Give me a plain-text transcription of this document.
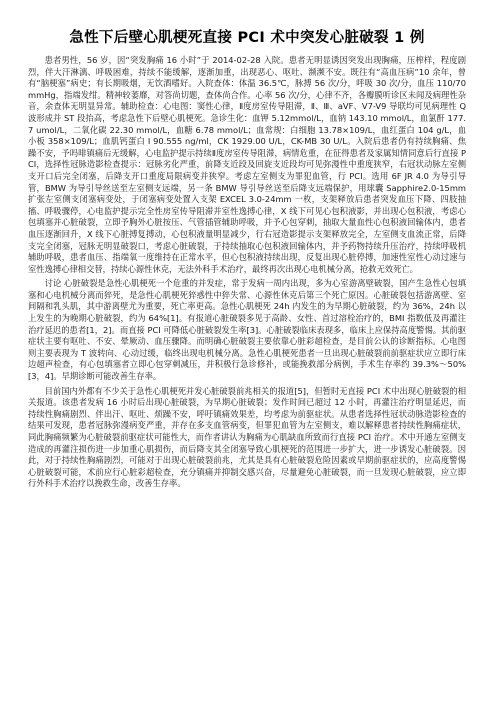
急性下后壁心肌梗死直接 PCI 术中突发心脏破裂 1 例

患者男性，56 岁，因“突发胸痛 16 小时”于 2014-02-28 入院。患者无明显诱因突发出现胸痛，压榨样，程度剧烈，伴大汗淋漓、呼吸困难，持续不能缓解，逐渐加重，出现恶心、呕吐、濒濒不安。既往有“高血压病”10 余年，曾有“脑梗塞”病史；有长期吸烟，无饮酒嗜好。入院查体：体温 36.5℃，脉搏 56 次/分，呼吸 30 次/分，血压 110/70mmHg，指端发绀。精神较萎靡，对答尚切题，查体尚合作。心率 56 次/分，心律不齐，各瓣膜听诊区未闻及病理性杂音，余查体无明显异常。辅助检查：心电图：窦性心律，Ⅱ度房室传导阻滞，Ⅱ、Ⅲ、aVF、V7-V9 导联均可见病理性 Q 波形成并 ST 段抬高，考虑急性下后壁心肌梗死。急诊生化：血钾 5.12mmol/L，血钠 143.10 mmol/L，血氯酐 177.7 umol/L，二氧化碳 22.30 mmol/L，血糖 6.78 mmol/L；血常规：白细胞 13.78×109/L，血红蛋白 104 g/L，血小板 358×109/L；血肌钙蛋白 I 90.555 ng/ml，CK 1929.00 U/L，CK-MB 30 U/L。入院后患者仍有持续胸痛、焦躁不安，予吗啡镇痛后无缓解，心电监护提示持续Ⅱ度房室传导阻滞，病情危重，在征得患者及家属知情同意后行直接 PCI，选择性冠脉造影检查提示：冠脉劣化严重，前降支近段及回旋支近段均可见弥漫性中重度狭窄，右冠状动脉左室侧支开口后完全闭塞，后降支开口重度局限病变并狭窄。考虑左室侧支为罪犯血管，行 PCI。选用 6F JR 4.0 为导引导管，BMW 为导引导丝送至左室侧支远端，另一条 BMW 导引导丝送至后降支远端保护，用球囊 Sapphire2.0-15mm 扩张左室侧支闭塞病变处，于闭塞病变处置入支架 EXCEL 3.0-24mm 一枚，支架释放后患者突发血压下降、四肢抽搐、呼吸骤停，心电监护提示完全性房室传导阻滞并室性逸搏心律，X 线下可见心包积液影，并出现心包积液，考虑心包填塞并心脏破裂，立即予胸外心脏按压、气管插管辅助呼吸，并予心包穿刺，抽取大量血性心包积液回输体内，患者血压逐渐回升，X 线下心脏搏复搏动，心包积液量明显减少，行右冠造影提示支架释放完全，左室侧支血流正常，后降支完全闭塞，冠脉无明显破裂口，考虑心脏破裂，于持续抽取心包积液回输体内，并予药物持续升压治疗，持续呼吸机辅助呼吸，患者血压、指端氧一度维持在正常水平，但心包积液持续出现，反复出现心脏停搏，加速性室性心动过速与室性逸搏心律相交替，持续心源性休克，无法外科手术治疗，最终再次出现心电机械分离，抢救无效死亡。

讨论 心脏破裂是急性心肌梗死一个危重的并发症，常于发病一周内出现，多为心室游离壁破裂，国产生急性心包填塞和心电机械分离而猝死，是急性心肌梗死猝惑性中猝失常、心源性休克后第三个死亡原因。心脏破裂包括游离壁、室间隔和乳头肌，其中游离壁尤为重要，死亡率更高。急性心肌梗死 24h 内发生的为早期心脏破裂，约为 36%，24h 以上发生的为晚期心脏破裂，约为 64%[1]。有报道心脏破裂多见于高龄、女性、首过溶栓治疗的，BMI 指数低及再灌注治疗延迟的患者[1，2]。而直接 PCI 可降低心脏破裂发生率[3]。心脏破裂临床表现多，临床上应保持高度警惕。其前驱症状主要有呕吐、不安、晕厥动、血压骤降。而明确心脏破裂主要依靠心脏彩超检查，是目前公认的诊断指标。心电图则主要表现为 T 波转向、心动过缓，临终出现电机械分离。急性心肌梗死患者一旦出现心脏破裂前前驱症状应立即行床边超声检查，有心包填塞者立即心包穿刺减压，并积极行急诊修补，或能挽救部分病例，手术生存率约 39.3%～50%[3，4]。早期诊断可能改善生存率。

目前国内外都有不少关于急性心肌梗死并发心脏破裂前兆相关的报道[5]，但暂时无直接 PCI 术中出现心脏破裂的相关报道。该患者发病 16 小时后出现心脏破裂，为早期心脏破裂；发作时间已超过 12 小时，再灌注治疗明显延迟，而持续性胸痛剧烈、伴出汗、呕吐、烦躁不安，呼吁镇痛效果差，均考虑为前驱症状。从患者选择性冠状动脉造影检查的结果可发现，患者冠脉弥漫病变严重，并存在多支血管病变，但罪犯血管为左室侧支，难以解释患者持续性胸痛症状，同此胸痛频繁为心脏破裂前驱症状可能性大，而作者讲认为胸痛为心肌缺血所致而行直接 PCI 治疗。术中开通左室侧支造成的再灌注损伤进一步加重心肌损伤，而后降支其全闭塞导致心肌梗死的范围进一步扩大，进一步诱发心脏破裂。因此，对于持续性胸痛剧烈，可能对于出现心脏破裂前兆，尤其是具有心脏破裂危险因素或早期前驱症状的，应高度警惕心脏破裂可能，术前应行心脏彩超检查，充分镇痛并抑制交感兴奋，尽量避免心脏破裂，而一旦发现心脏破裂，应立即行外科手术治疗以挽救生命，改善生存率。
